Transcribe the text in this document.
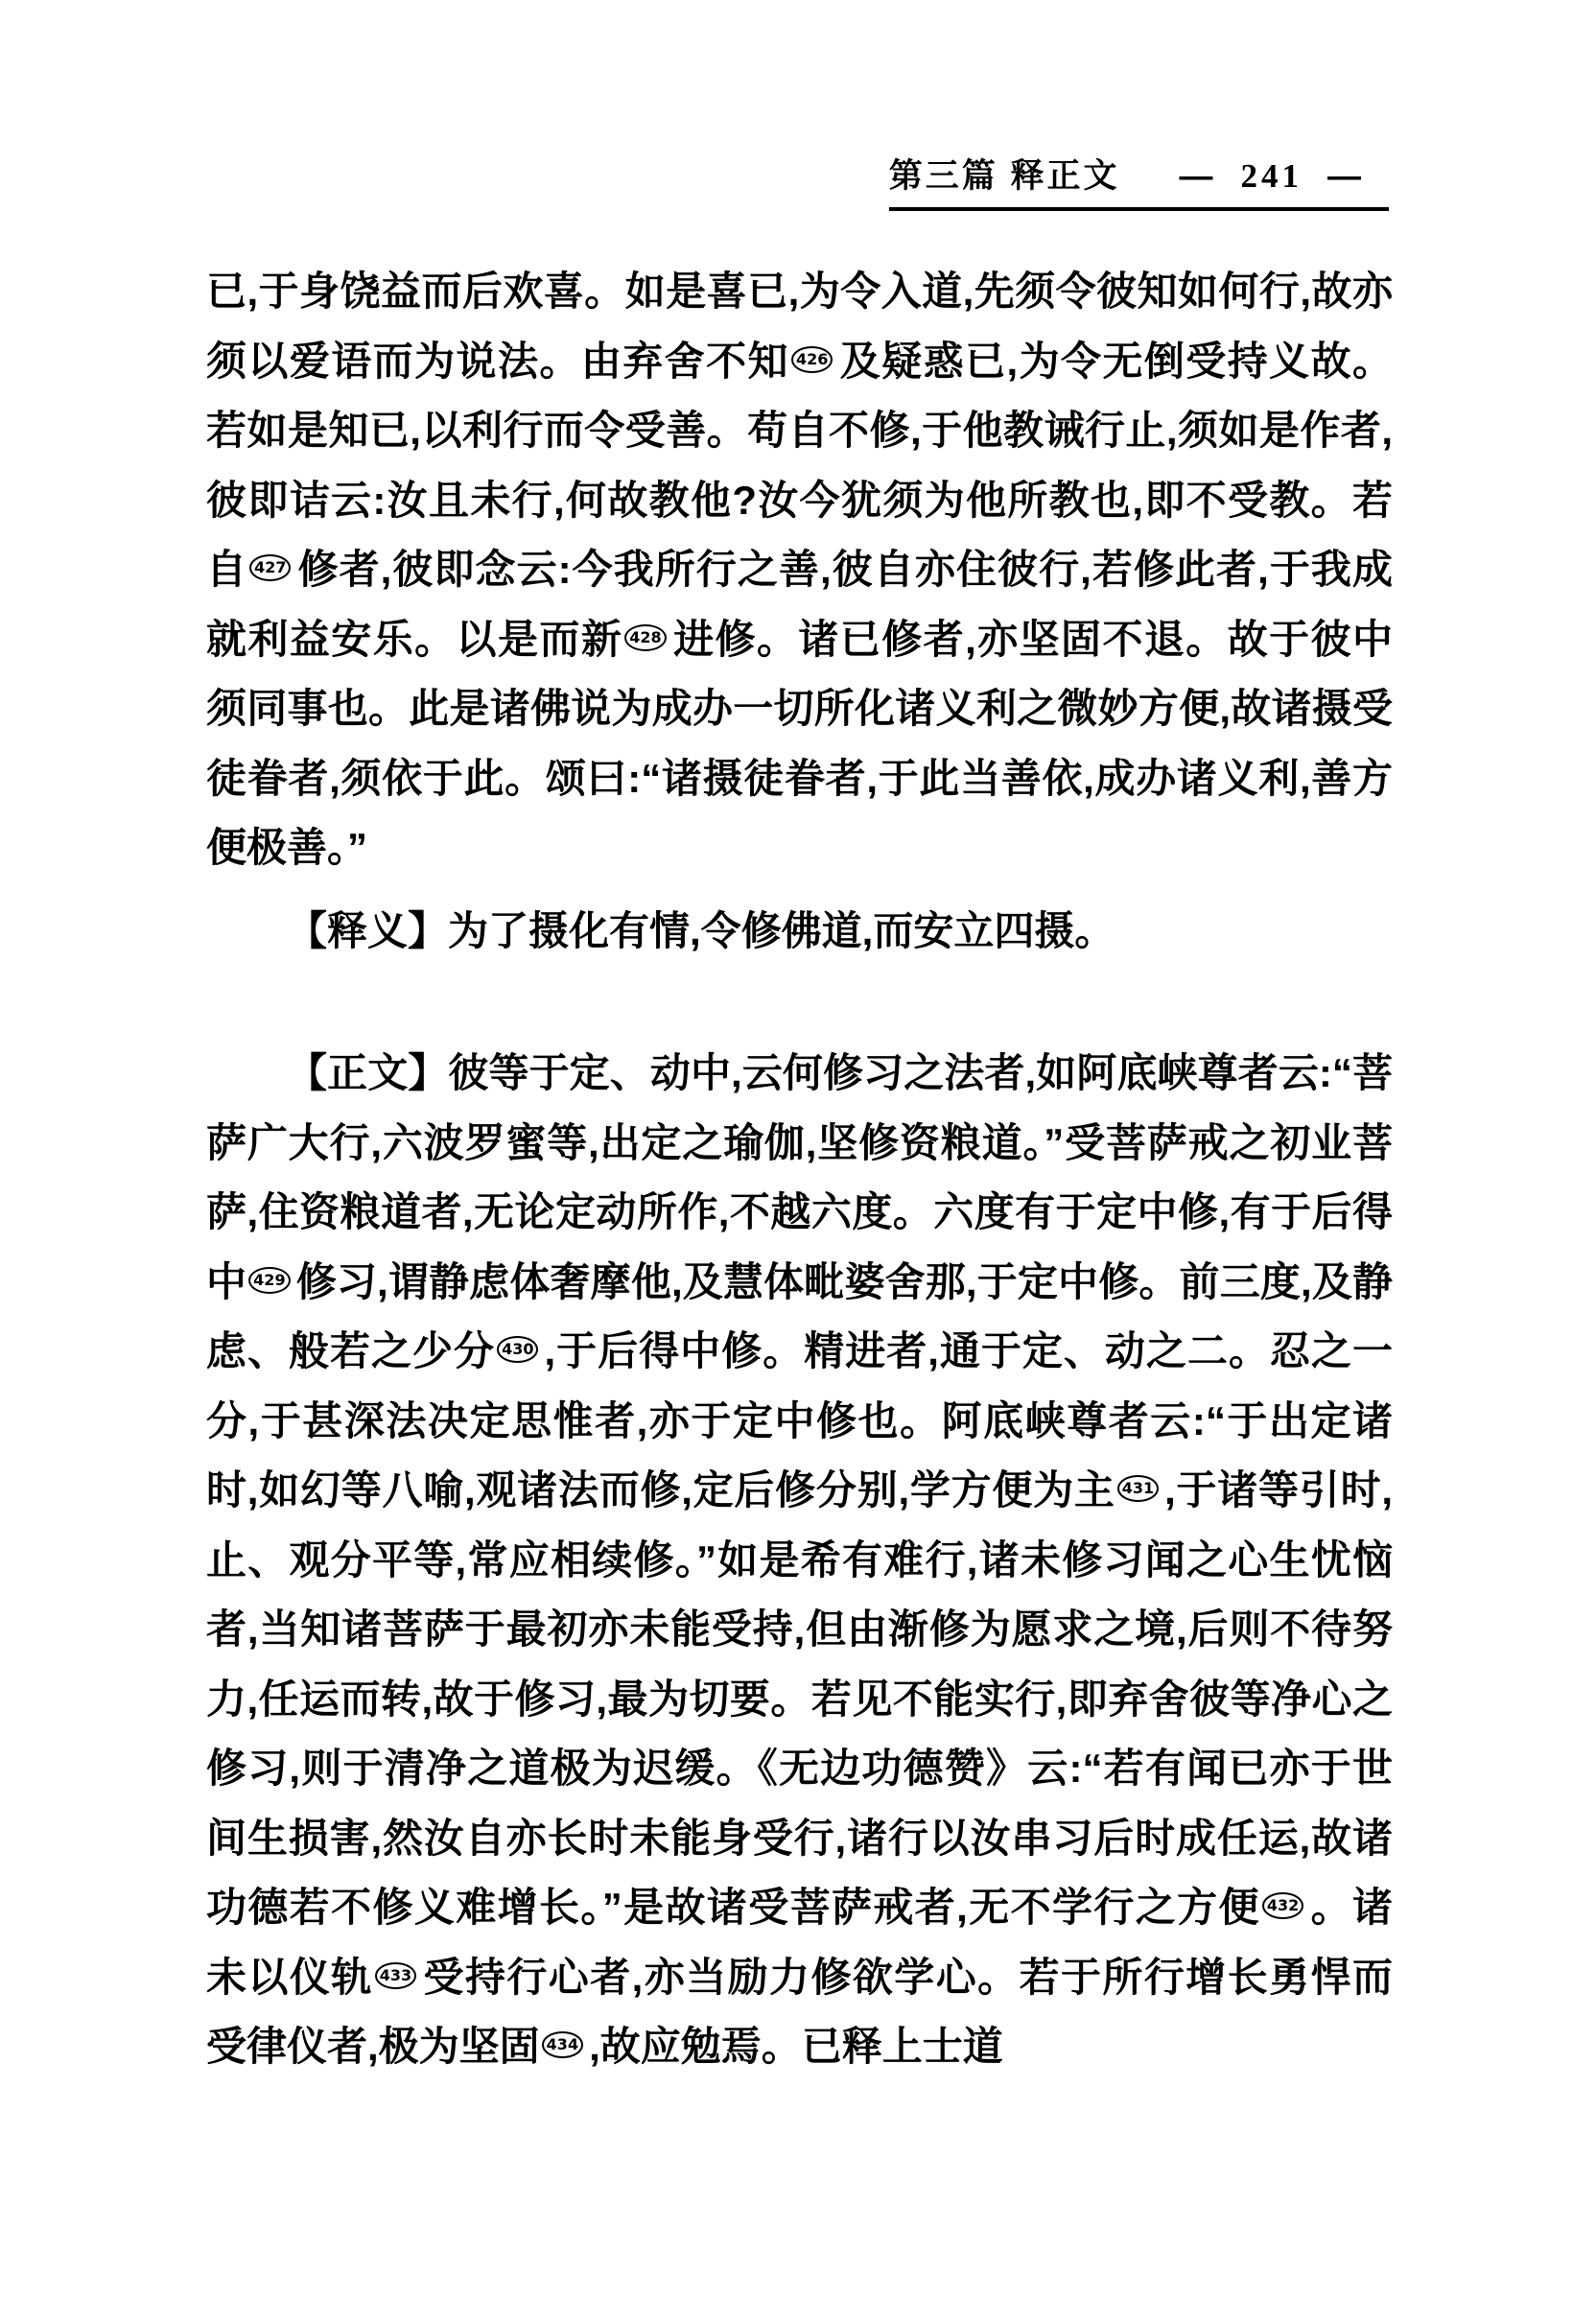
第三篇 释正文 — 241 —

已,于身饶益而后欢喜。如是喜已,为令入道,先须令彼知如何行,故亦须以爱语而为说法。由弃舍不知 426 及疑惑已,为令无倒受持义故。若如是知已,以利行而令受善。苟自不修,于他教诫行止,须如是作者,彼即诘云:汝且未行,何故教他?汝今犹须为他所教也,即不受教。若自 427 修者,彼即念云:今我所行之善,彼自亦住彼行,若修此者,于我成就利益安乐。以是而新 428 进修。诸已修者,亦坚固不退。故于彼中须同事也。此是诸佛说为成办一切所化诸义利之微妙方便,故诸摄受徒眷者,须依于此。颂曰:“诸摄徒眷者,于此当善依,成办诸义利,善方便极善。”

【释义】为了摄化有情,令修佛道,而安立四摄。

【正文】彼等于定、动中,云何修习之法者,如阿底峡尊者云:“菩萨广大行,六波罗蜜等,出定之瑜伽,坚修资粮道。”受菩萨戒之初业菩萨,住资粮道者,无论定动所作,不越六度。六度有于定中修,有于后得中 429 修习,谓静虑体奢摩他,及慧体毗婆舍那,于定中修。前三度,及静虑、般若之少分 430 ,于后得中修。精进者,通于定、动之二。忍之一分,于甚深法决定思惟者,亦于定中修也。阿底峡尊者云:“于出定诸时,如幻等八喻,观诸法而修,定后修分别,学方便为主 431 ,于诸等引时,止、观分平等,常应相续修。”如是希有难行,诸未修习闻之心生忧恼者,当知诸菩萨于最初亦未能受持,但由渐修为愿求之境,后则不待努力,任运而转,故于修习,最为切要。若见不能实行,即弃舍彼等净心之修习,则于清净之道极为迟缓。《无边功德赞》云:“若有闻已亦于世间生损害,然汝自亦长时未能身受行,诸行以汝串习后时成任运,故诸功德若不修义难增长。”是故诸受菩萨戒者,无不学行之方便 432 。诸未以仪轨 433 受持行心者,亦当励力修欲学心。若于所行增长勇悍而受律仪者,极为坚固 434 ,故应勉焉。已释上士道
